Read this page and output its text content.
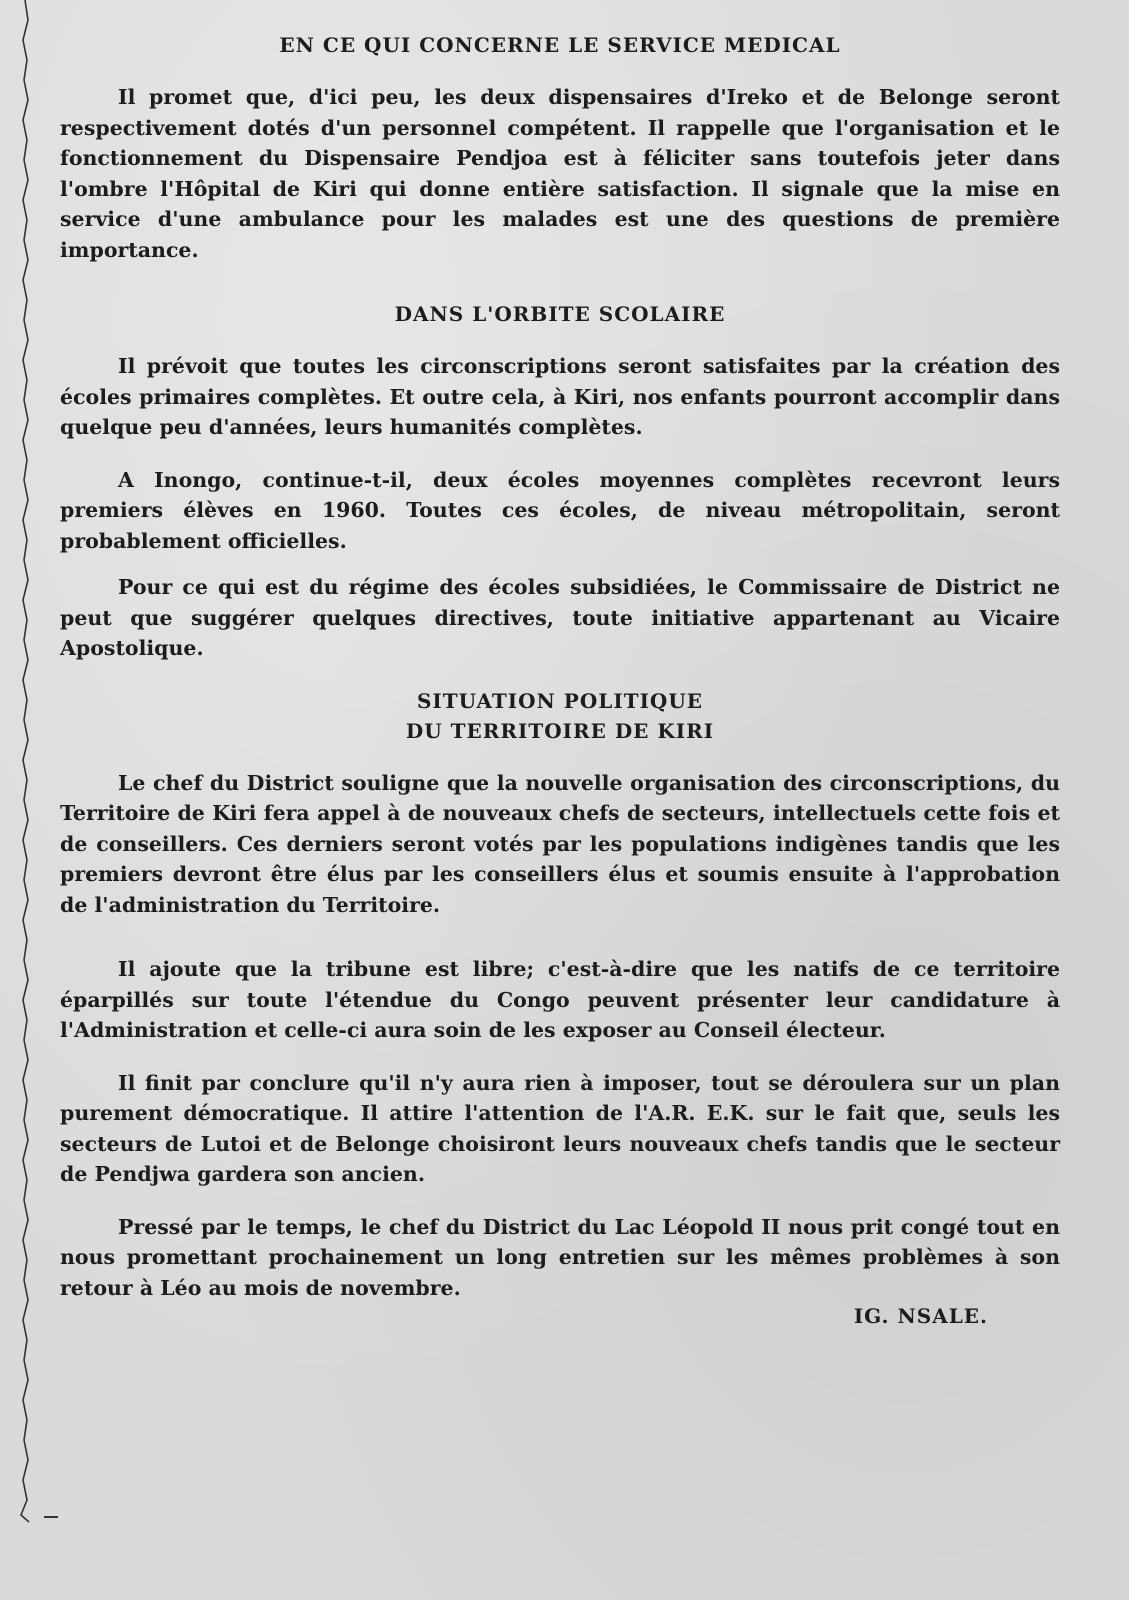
EN CE QUI CONCERNE LE SERVICE MEDICAL

Il promet que, d'ici peu, les deux dispensaires d'Ireko et de Belonge seront respectivement dotés d'un personnel compétent. Il rappelle que l'organisation et le fonctionnement du Dispensaire Pendjoa est à féliciter sans toutefois jeter dans l'ombre l'Hôpital de Kiri qui donne entière satisfaction. Il signale que la mise en service d'une ambulance pour les malades est une des questions de première importance.

DANS L'ORBITE SCOLAIRE

Il prévoit que toutes les circonscriptions seront satisfaites par la création des écoles primaires complètes. Et outre cela, à Kiri, nos enfants pourront accomplir dans quelque peu d'années, leurs humanités complètes.

A Inongo, continue-t-il, deux écoles moyennes complètes recevront leurs premiers élèves en 1960. Toutes ces écoles, de niveau métropolitain, seront probablement officielles.

Pour ce qui est du régime des écoles subsidiées, le Commissaire de District ne peut que suggérer quelques directives, toute initiative appartenant au Vicaire Apostolique.

SITUATION POLITIQUE
DU TERRITOIRE DE KIRI

Le chef du District souligne que la nouvelle organisation des circonscriptions, du Territoire de Kiri fera appel à de nouveaux chefs de secteurs, intellectuels cette fois et de conseillers. Ces derniers seront votés par les populations indigènes tandis que les premiers devront être élus par les conseillers élus et soumis ensuite à l'approbation de l'administration du Territoire.

Il ajoute que la tribune est libre; c'est-à-dire que les natifs de ce territoire éparpillés sur toute l'étendue du Congo peuvent présenter leur candidature à l'Administration et celle-ci aura soin de les exposer au Conseil électeur.

Il finit par conclure qu'il n'y aura rien à imposer, tout se déroulera sur un plan purement démocratique. Il attire l'attention de l'A.R. E.K. sur le fait que, seuls les secteurs de Lutoi et de Belonge choisiront leurs nouveaux chefs tandis que le secteur de Pendjwa gardera son ancien.

Pressé par le temps, le chef du District du Lac Léopold II nous prit congé tout en nous promettant prochainement un long entretien sur les mêmes problèmes à son retour à Léo au mois de novembre.

IG. NSALE.
